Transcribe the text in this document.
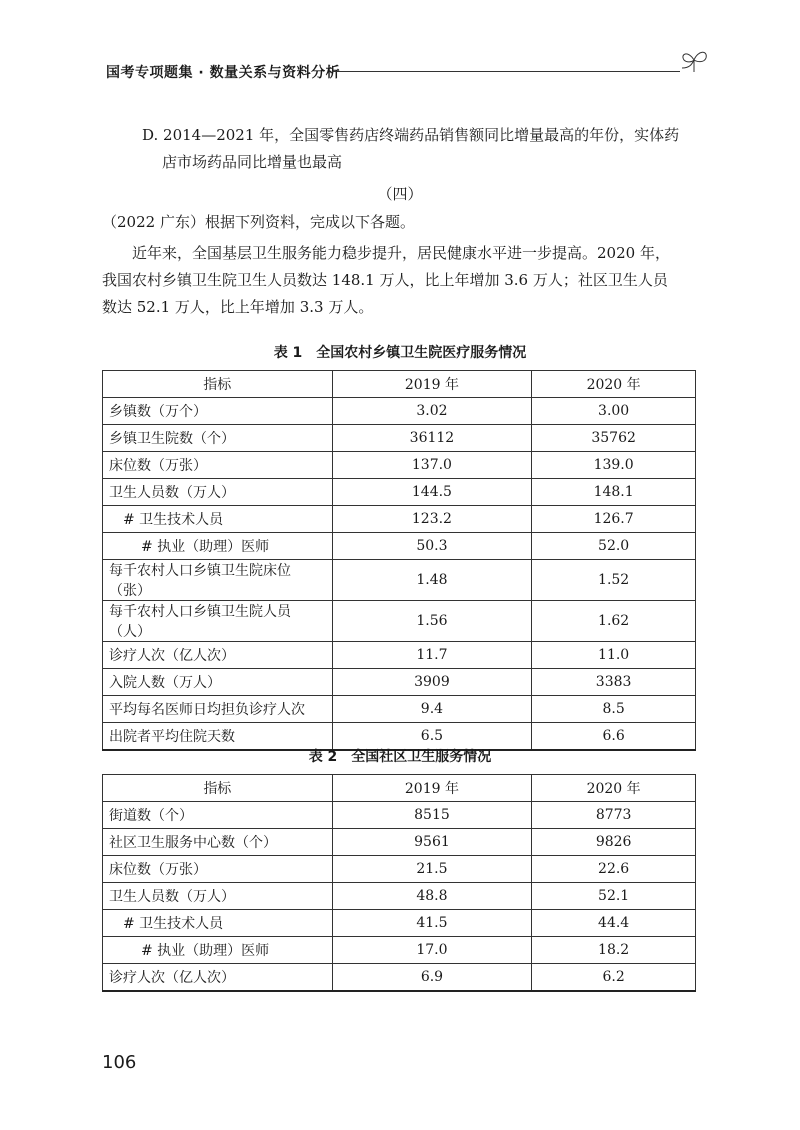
国考专项题集 · 数量关系与资料分析
D. 2014—2021 年，全国零售药店终端药品销售额同比增量最高的年份，实体药
店市场药品同比增量也最高
（四）
（2022 广东）根据下列资料，完成以下各题。
近年来，全国基层卫生服务能力稳步提升，居民健康水平进一步提高。2020 年，
我国农村乡镇卫生院卫生人员数达 148.1 万人，比上年增加 3.6 万人；社区卫生人员
数达 52.1 万人，比上年增加 3.3 万人。
表 1　全国农村乡镇卫生院医疗服务情况
指标	2019 年	2020 年
乡镇数（万个）	3.02	3.00
乡镇卫生院数（个）	36112	35762
床位数（万张）	137.0	139.0
卫生人员数（万人）	144.5	148.1
# 卫生技术人员	123.2	126.7
# 执业（助理）医师	50.3	52.0
每千农村人口乡镇卫生院床位（张）	1.48	1.52
每千农村人口乡镇卫生院人员（人）	1.56	1.62
诊疗人次（亿人次）	11.7	11.0
入院人数（万人）	3909	3383
平均每名医师日均担负诊疗人次	9.4	8.5
出院者平均住院天数	6.5	6.6
表 2　全国社区卫生服务情况
指标	2019 年	2020 年
街道数（个）	8515	8773
社区卫生服务中心数（个）	9561	9826
床位数（万张）	21.5	22.6
卫生人员数（万人）	48.8	52.1
# 卫生技术人员	41.5	44.4
# 执业（助理）医师	17.0	18.2
诊疗人次（亿人次）	6.9	6.2
106
